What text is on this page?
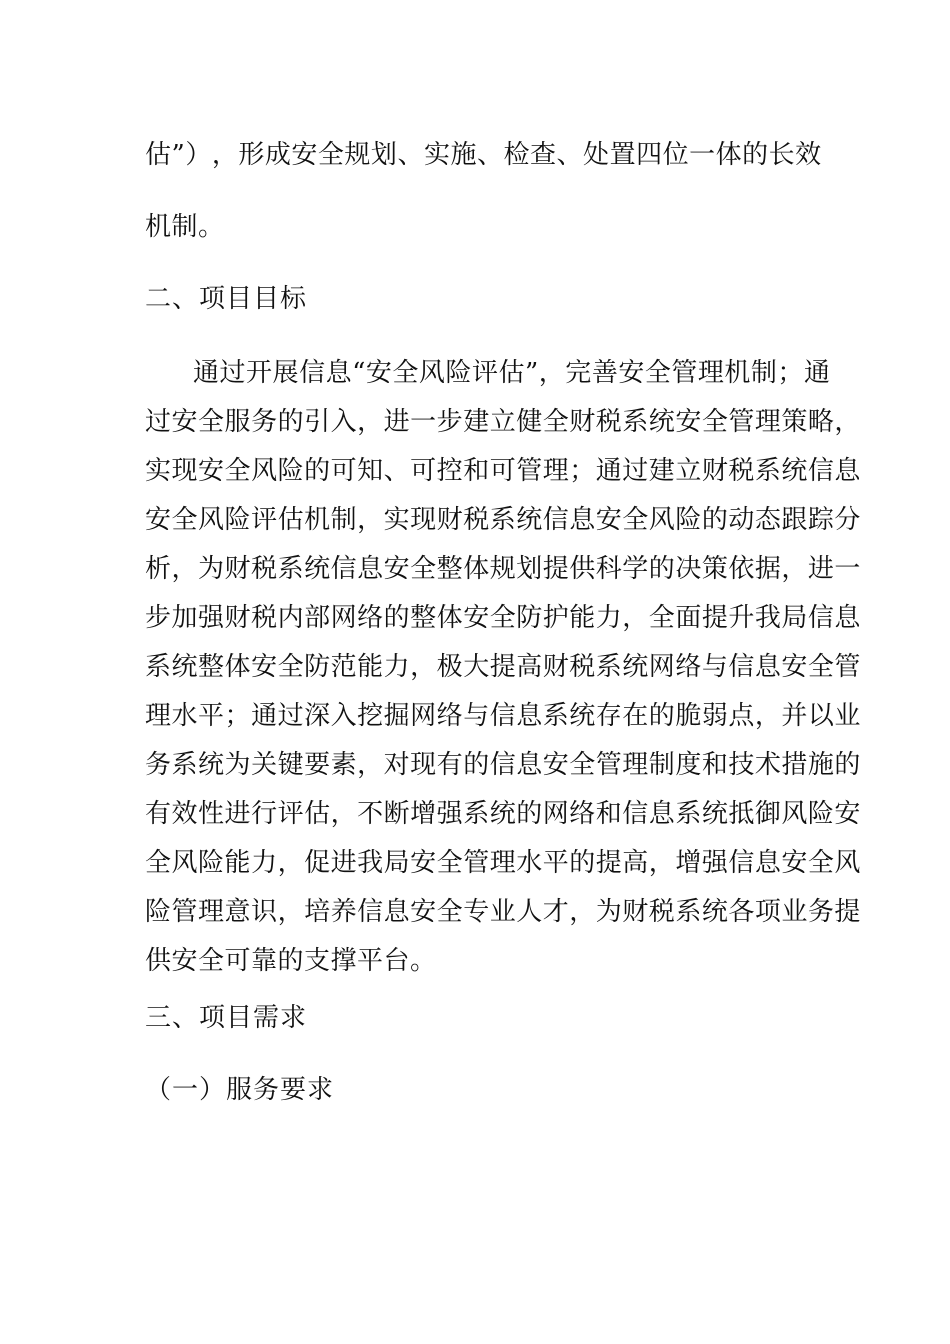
估 ” ） ， 形 成 安 全 规 划 、 实 施 、 检 查 、 处 置 四 位 一 体 的 长 效
机制。
二、项目目标
通 过 开 展 信 息 “ 安 全 风 险 评 估 ” ， 完 善 安 全 管 理 机 制 ； 通
过 安 全 服 务 的 引 入 ， 进 一 步 建 立 健 全 财 税 系 统 安 全 管 理 策 略 ，
实 现 安 全 风 险 的 可 知 、 可 控 和 可 管 理 ； 通 过 建 立 财 税 系 统 信 息
安 全 风 险 评 估 机 制 ， 实 现 财 税 系 统 信 息 安 全 风 险 的 动 态 跟 踪 分
析 ， 为 财 税 系 统 信 息 安 全 整 体 规 划 提 供 科 学 的 决 策 依 据 ， 进 一
步 加 强 财 税 内 部 网 络 的 整 体 安 全 防 护 能 力 ， 全 面 提 升 我 局 信 息
系 统 整 体 安 全 防 范 能 力 ， 极 大 提 高 财 税 系 统 网 络 与 信 息 安 全 管
理 水 平 ； 通 过 深 入 挖 掘 网 络 与 信 息 系 统 存 在 的 脆 弱 点 ， 并 以 业
务 系 统 为 关 键 要 素 ， 对 现 有 的 信 息 安 全 管 理 制 度 和 技 术 措 施 的
有 效 性 进 行 评 估 ， 不 断 增 强 系 统 的 网 络 和 信 息 系 统 抵 御 风 险 安
全 风 险 能 力 ， 促 进 我 局 安 全 管 理 水 平 的 提 高 ， 增 强 信 息 安 全 风
险 管 理 意 识 ， 培 养 信 息 安 全 专 业 人 才 ， 为 财 税 系 统 各 项 业 务 提
供安全可靠的支撑平台。
三、项目需求
（一）服务要求
